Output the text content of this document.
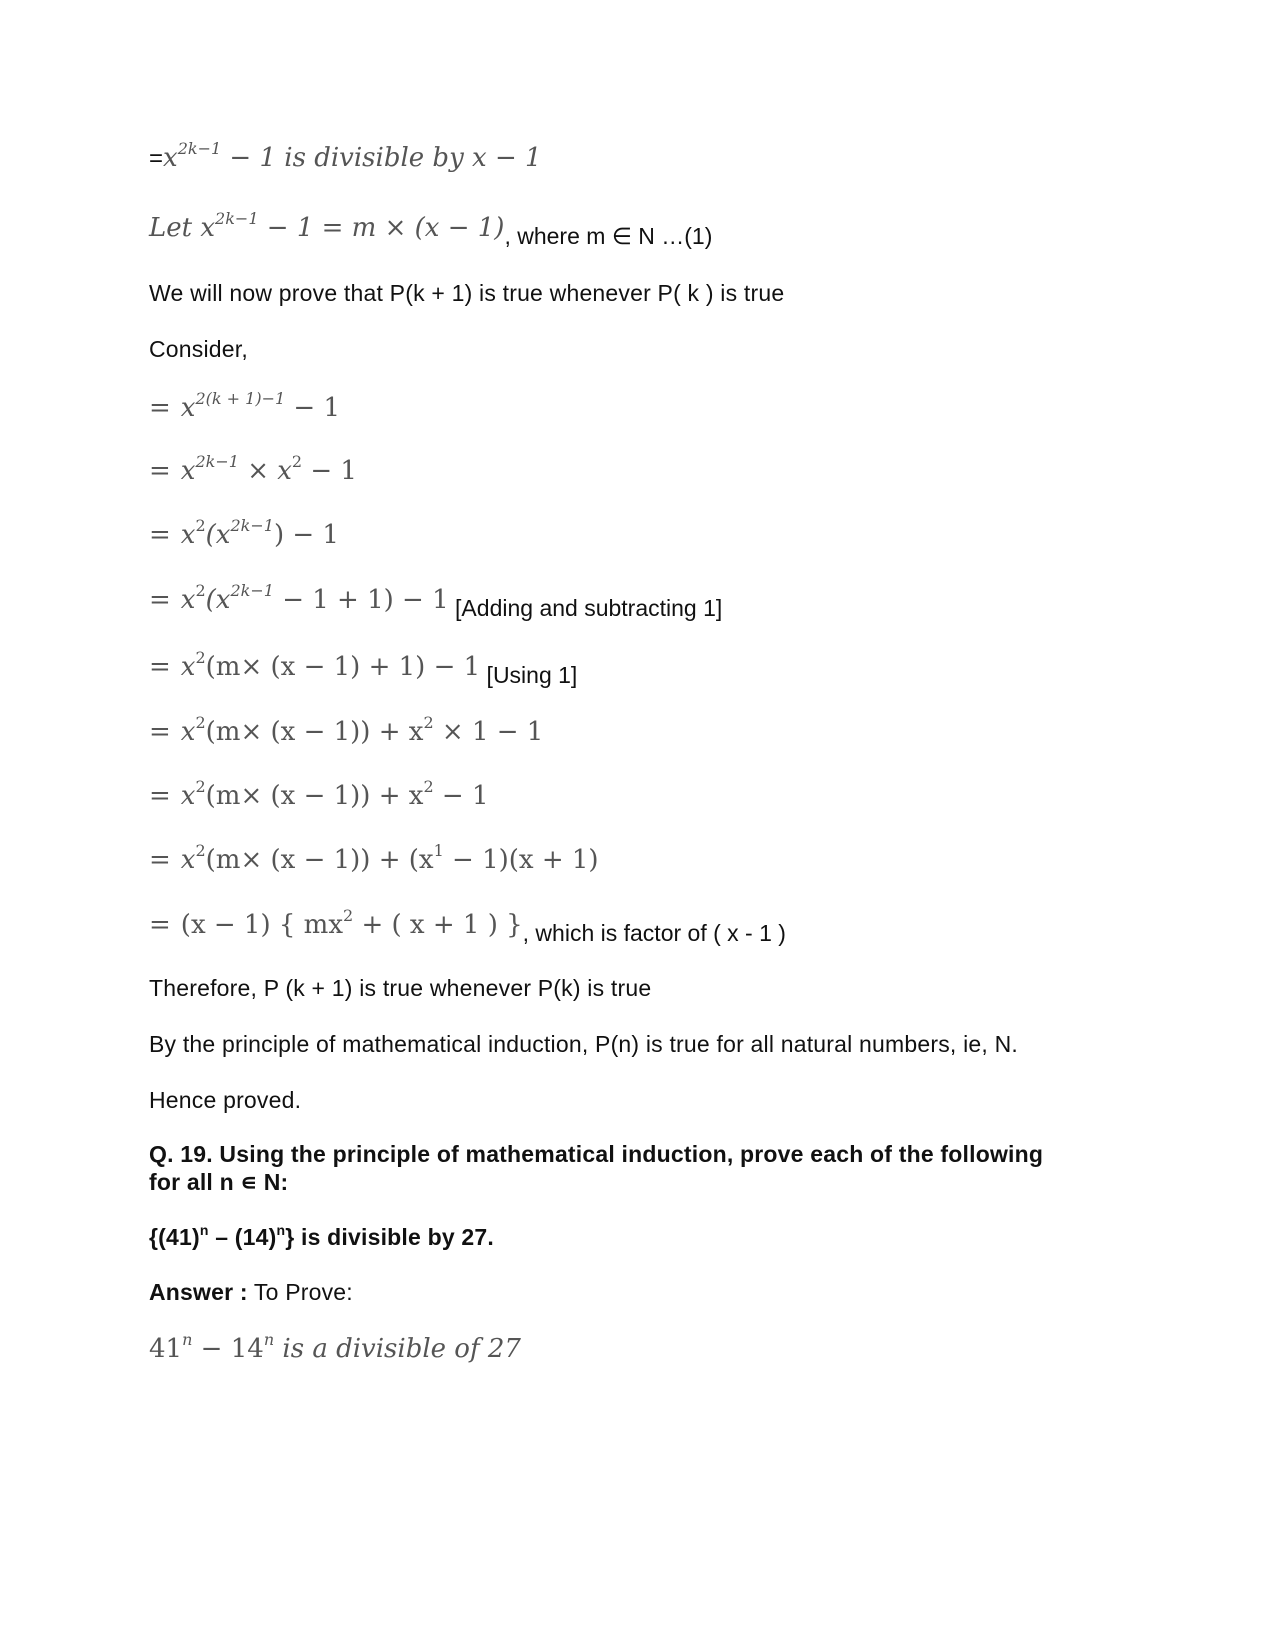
$=x^{2k-1} - 1$ is divisible by x − 1
Let $x^{2k-1} - 1 = m \times (x - 1)$, where m ∈ N …(1)
We will now prove that P(k + 1) is true whenever P( k ) is true
Consider,
= $x^{2(k + 1)-1} - 1$
= $x^{2k-1} \times x^2 - 1$
= $x^2(x^{2k-1}) - 1$
= $x^2(x^{2k-1} - 1 + 1) - 1$ [Adding and subtracting 1]
= $x^2(m\times (x - 1) + 1) - 1$ [Using 1]
= $x^2(m\times (x - 1)) + x^2 \times 1 - 1$
= $x^2(m\times (x - 1)) + x^2 - 1$
= $x^2(m\times (x - 1)) + (x^1 - 1)(x + 1)$
= (x − 1) { $mx^2$ + ( x + 1 ) }, which is factor of ( x - 1 )
Therefore, P (k + 1) is true whenever P(k) is true
By the principle of mathematical induction, P(n) is true for all natural numbers, ie, N.
Hence proved.
Q. 19. Using the principle of mathematical induction, prove each of the following
for all n ∊ N:
$\{(41)^n - (14)^n\}$ is divisible by 27.
Answer : To Prove:
$41^n - 14^n$ is a divisible of 27
